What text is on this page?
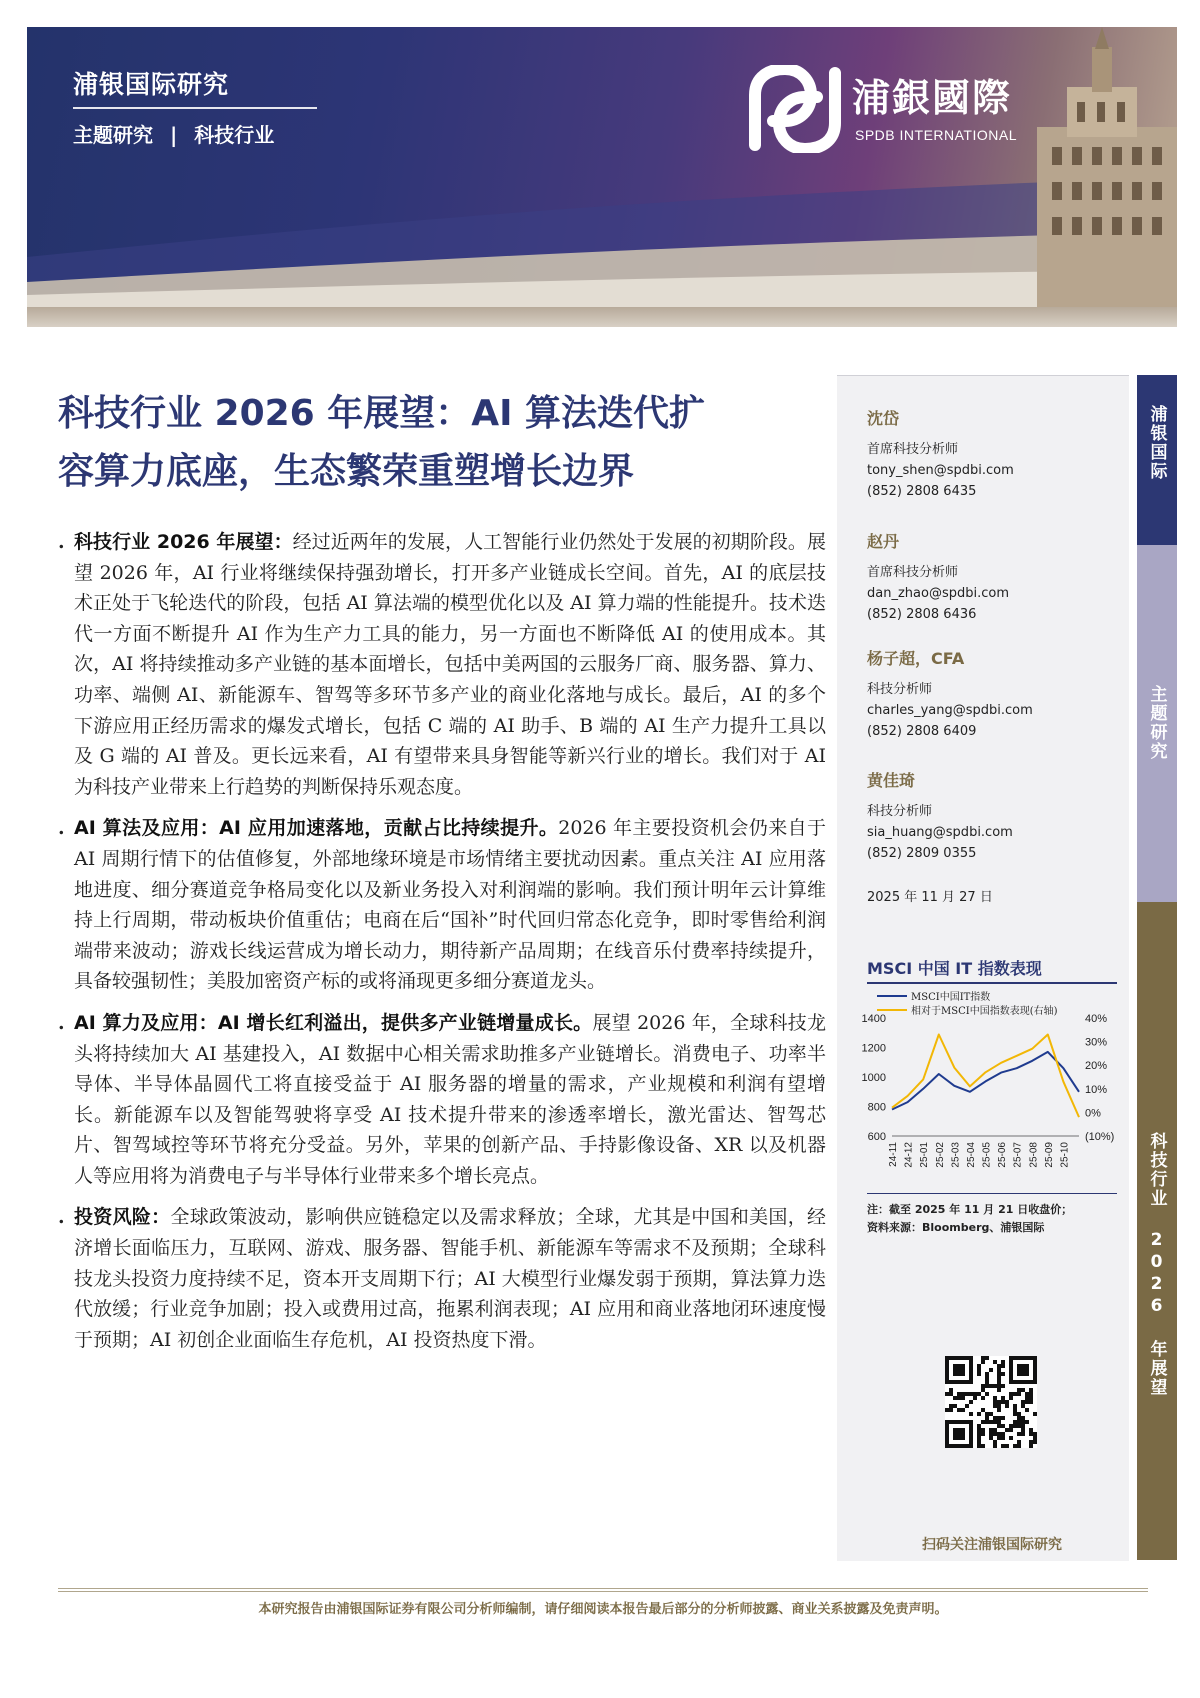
浦银国际研究
主题研究 | 科技行业
浦銀國際
SPDB INTERNATIONAL
科技行业 2026 年展望：AI 算法迭代扩
容算力底座，生态繁荣重塑增长边界
. 科技行业 2026 年展望：经过近两年的发展，人工智能行业仍然处于发展的初期阶段。展望 2026 年，AI 行业将继续保持强劲增长，打开多产业链成长空间。首先，AI 的底层技术正处于飞轮迭代的阶段，包括 AI 算法端的模型优化以及 AI 算力端的性能提升。技术迭代一方面不断提升 AI 作为生产力工具的能力，另一方面也不断降低 AI 的使用成本。其次，AI 将持续推动多产业链的基本面增长，包括中美两国的云服务厂商、服务器、算力、功率、端侧 AI、新能源车、智驾等多环节多产业的商业化落地与成长。最后，AI 的多个下游应用正经历需求的爆发式增长，包括 C 端的 AI 助手、B 端的 AI 生产力提升工具以及 G 端的 AI 普及。更长远来看，AI 有望带来具身智能等新兴行业的增长。我们对于 AI 为科技产业带来上行趋势的判断保持乐观态度。
. AI 算法及应用：AI 应用加速落地，贡献占比持续提升。2026 年主要投资机会仍来自于 AI 周期行情下的估值修复，外部地缘环境是市场情绪主要扰动因素。重点关注 AI 应用落地进度、细分赛道竞争格局变化以及新业务投入对利润端的影响。我们预计明年云计算维持上行周期，带动板块价值重估；电商在后“国补”时代回归常态化竞争，即时零售给利润端带来波动；游戏长线运营成为增长动力，期待新产品周期；在线音乐付费率持续提升，具备较强韧性；美股加密资产标的或将涌现更多细分赛道龙头。
. AI 算力及应用：AI 增长红利溢出，提供多产业链增量成长。展望 2026 年，全球科技龙头将持续加大 AI 基建投入，AI 数据中心相关需求助推多产业链增长。消费电子、功率半导体、半导体晶圆代工将直接受益于 AI 服务器的增量的需求，产业规模和利润有望增长。新能源车以及智能驾驶将享受 AI 技术提升带来的渗透率增长，激光雷达、智驾芯片、智驾域控等环节将充分受益。另外，苹果的创新产品、手持影像设备、XR 以及机器人等应用将为消费电子与半导体行业带来多个增长亮点。
. 投资风险：全球政策波动，影响供应链稳定以及需求释放；全球，尤其是中国和美国，经济增长面临压力，互联网、游戏、服务器、智能手机、新能源车等需求不及预期；全球科技龙头投资力度持续不足，资本开支周期下行；AI 大模型行业爆发弱于预期，算法算力迭代放缓；行业竞争加剧；投入或费用过高，拖累利润表现；AI 应用和商业落地闭环速度慢于预期；AI 初创企业面临生存危机，AI 投资热度下滑。
沈岱
首席科技分析师
tony_shen@spdbi.com
(852) 2808 6435
赵丹
首席科技分析师
dan_zhao@spdbi.com
(852) 2808 6436
杨子超，CFA
科技分析师
charles_yang@spdbi.com
(852) 2808 6409
黄佳琦
科技分析师
sia_huang@spdbi.com
(852) 2809 0355
2025 年 11 月 27 日
MSCI 中国 IT 指数表现
600
800
1000
1200
1400
(10%)
0%
10%
20%
30%
40%
24-11 24-12 25-01 25-02 25-03 25-04 25-05 25-06 25-07 25-08 25-09 25-10
MSCI中国IT指数
相对于MSCI中国指数表现(右轴)
注：截至 2025 年 11 月 21 日收盘价；
资料来源：Bloomberg、浦银国际
扫码关注浦银国际研究
浦银国际
主题研究
科技行业 2026 年展望
本研究报告由浦银国际证券有限公司分析师编制，请仔细阅读本报告最后部分的分析师披露、商业关系披露及免责声明。
